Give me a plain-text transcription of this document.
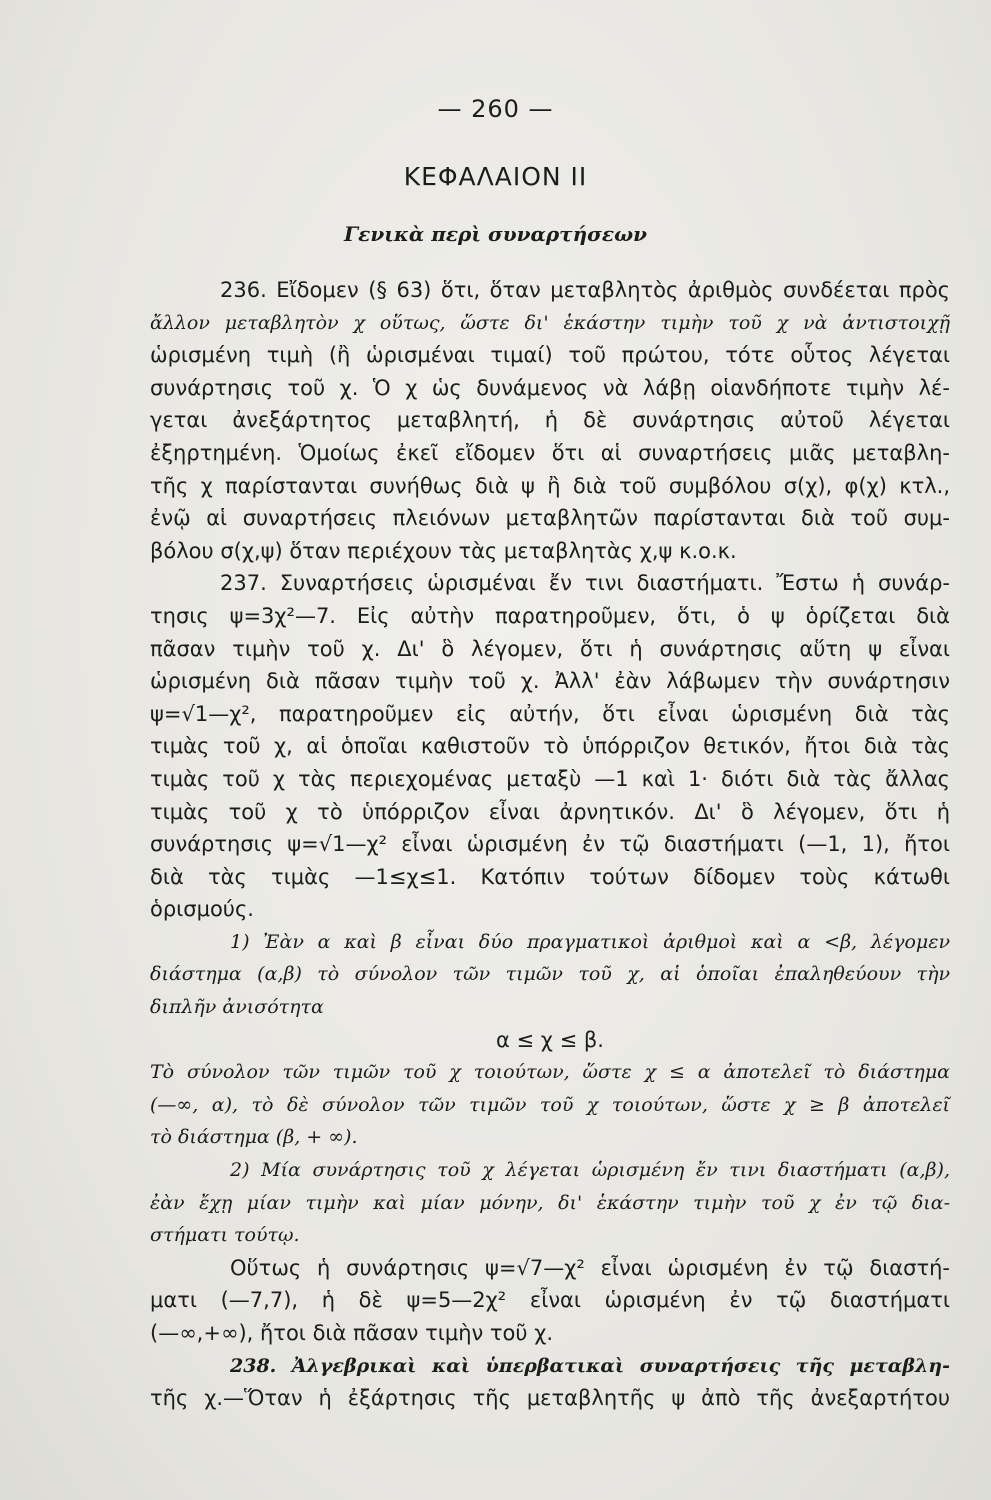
— 260 —
ΚΕΦΑΛΑΙΟΝ ΙΙ
Γενικὰ περὶ συναρτήσεων
236. Εἴδομεν (§ 63) ὅτι, ὅταν μεταβλητὸς ἀριθμὸς συνδέεται πρὸς
ἄλλον μεταβλητὸν χ οὕτως, ὥστε δι' ἑκάστην τιμὴν τοῦ χ νὰ ἀντιστοιχῇ
ὡρισμένη τιμὴ (ἢ ὡρισμέναι τιμαί) τοῦ πρώτου, τότε οὗτος λέγεται
συνάρτησις τοῦ χ. Ὁ χ ὡς δυνάμενος νὰ λάβῃ οἱανδήποτε τιμὴν λέ-
γεται ἀνεξάρτητος μεταβλητή, ἡ δὲ συνάρτησις αὐτοῦ λέγεται
ἐξηρτημένη. Ὁμοίως ἐκεῖ εἴδομεν ὅτι αἱ συναρτήσεις μιᾶς μεταβλη-
τῆς χ παρίστανται συνήθως διὰ ψ ἢ διὰ τοῦ συμβόλου σ(χ), φ(χ) κτλ.,
ἐνῷ αἱ συναρτήσεις πλειόνων μεταβλητῶν παρίστανται διὰ τοῦ συμ-
βόλου σ(χ,ψ) ὅταν περιέχουν τὰς μεταβλητὰς χ,ψ κ.ο.κ.
237. Συναρτήσεις ὡρισμέναι ἔν τινι διαστήματι. Ἔστω ἡ συνάρ-
τησις ψ=3χ²—7. Εἰς αὐτὴν παρατηροῦμεν, ὅτι, ὁ ψ ὁρίζεται διὰ
πᾶσαν τιμὴν τοῦ χ. Δι' ὃ λέγομεν, ὅτι ἡ συνάρτησις αὕτη ψ εἶναι
ὡρισμένη διὰ πᾶσαν τιμὴν τοῦ χ. Ἀλλ' ἐὰν λάβωμεν τὴν συνάρτησιν
ψ=√1—χ², παρατηροῦμεν εἰς αὐτήν, ὅτι εἶναι ὡρισμένη διὰ τὰς
τιμὰς τοῦ χ, αἱ ὁποῖαι καθιστοῦν τὸ ὑπόρριζον θετικόν, ἤτοι διὰ τὰς
τιμὰς τοῦ χ τὰς περιεχομένας μεταξὺ —1 καὶ 1· διότι διὰ τὰς ἄλλας
τιμὰς τοῦ χ τὸ ὑπόρριζον εἶναι ἀρνητικόν. Δι' ὃ λέγομεν, ὅτι ἡ
συνάρτησις ψ=√1—χ² εἶναι ὡρισμένη ἐν τῷ διαστήματι (—1, 1), ἤτοι
διὰ τὰς τιμὰς —1≤χ≤1. Κατόπιν τούτων δίδομεν τοὺς κάτωθι
ὁρισμούς.
1) Ἐὰν α καὶ β εἶναι δύο πραγματικοὶ ἀριθμοὶ καὶ α <β, λέγομεν
διάστημα (α,β) τὸ σύνολον τῶν τιμῶν τοῦ χ, αἱ ὁποῖαι ἐπαληθεύουν τὴν
διπλῆν ἀνισότητα
α ≤ χ ≤ β.
Τὸ σύνολον τῶν τιμῶν τοῦ χ τοιούτων, ὥστε χ ≤ α ἀποτελεῖ τὸ διάστημα
(—∞, α), τὸ δὲ σύνολον τῶν τιμῶν τοῦ χ τοιούτων, ὥστε χ ≥ β ἀποτελεῖ
τὸ διάστημα (β, + ∞).
2) Μία συνάρτησις τοῦ χ λέγεται ὡρισμένη ἔν τινι διαστήματι (α,β),
ἐὰν ἔχῃ μίαν τιμὴν καὶ μίαν μόνην, δι' ἑκάστην τιμὴν τοῦ χ ἐν τῷ δια-
στήματι τούτῳ.
Οὕτως ἡ συνάρτησις ψ=√7—χ² εἶναι ὡρισμένη ἐν τῷ διαστή-
ματι (—7,7), ἡ δὲ ψ=5—2χ² εἶναι ὡρισμένη ἐν τῷ διαστήματι
(—∞,+∞), ἤτοι διὰ πᾶσαν τιμὴν τοῦ χ.
238. Ἀλγεβρικαὶ καὶ ὑπερβατικαὶ συναρτήσεις τῆς μεταβλη-
τῆς χ.—Ὅταν ἡ ἐξάρτησις τῆς μεταβλητῆς ψ ἀπὸ τῆς ἀνεξαρτήτου
